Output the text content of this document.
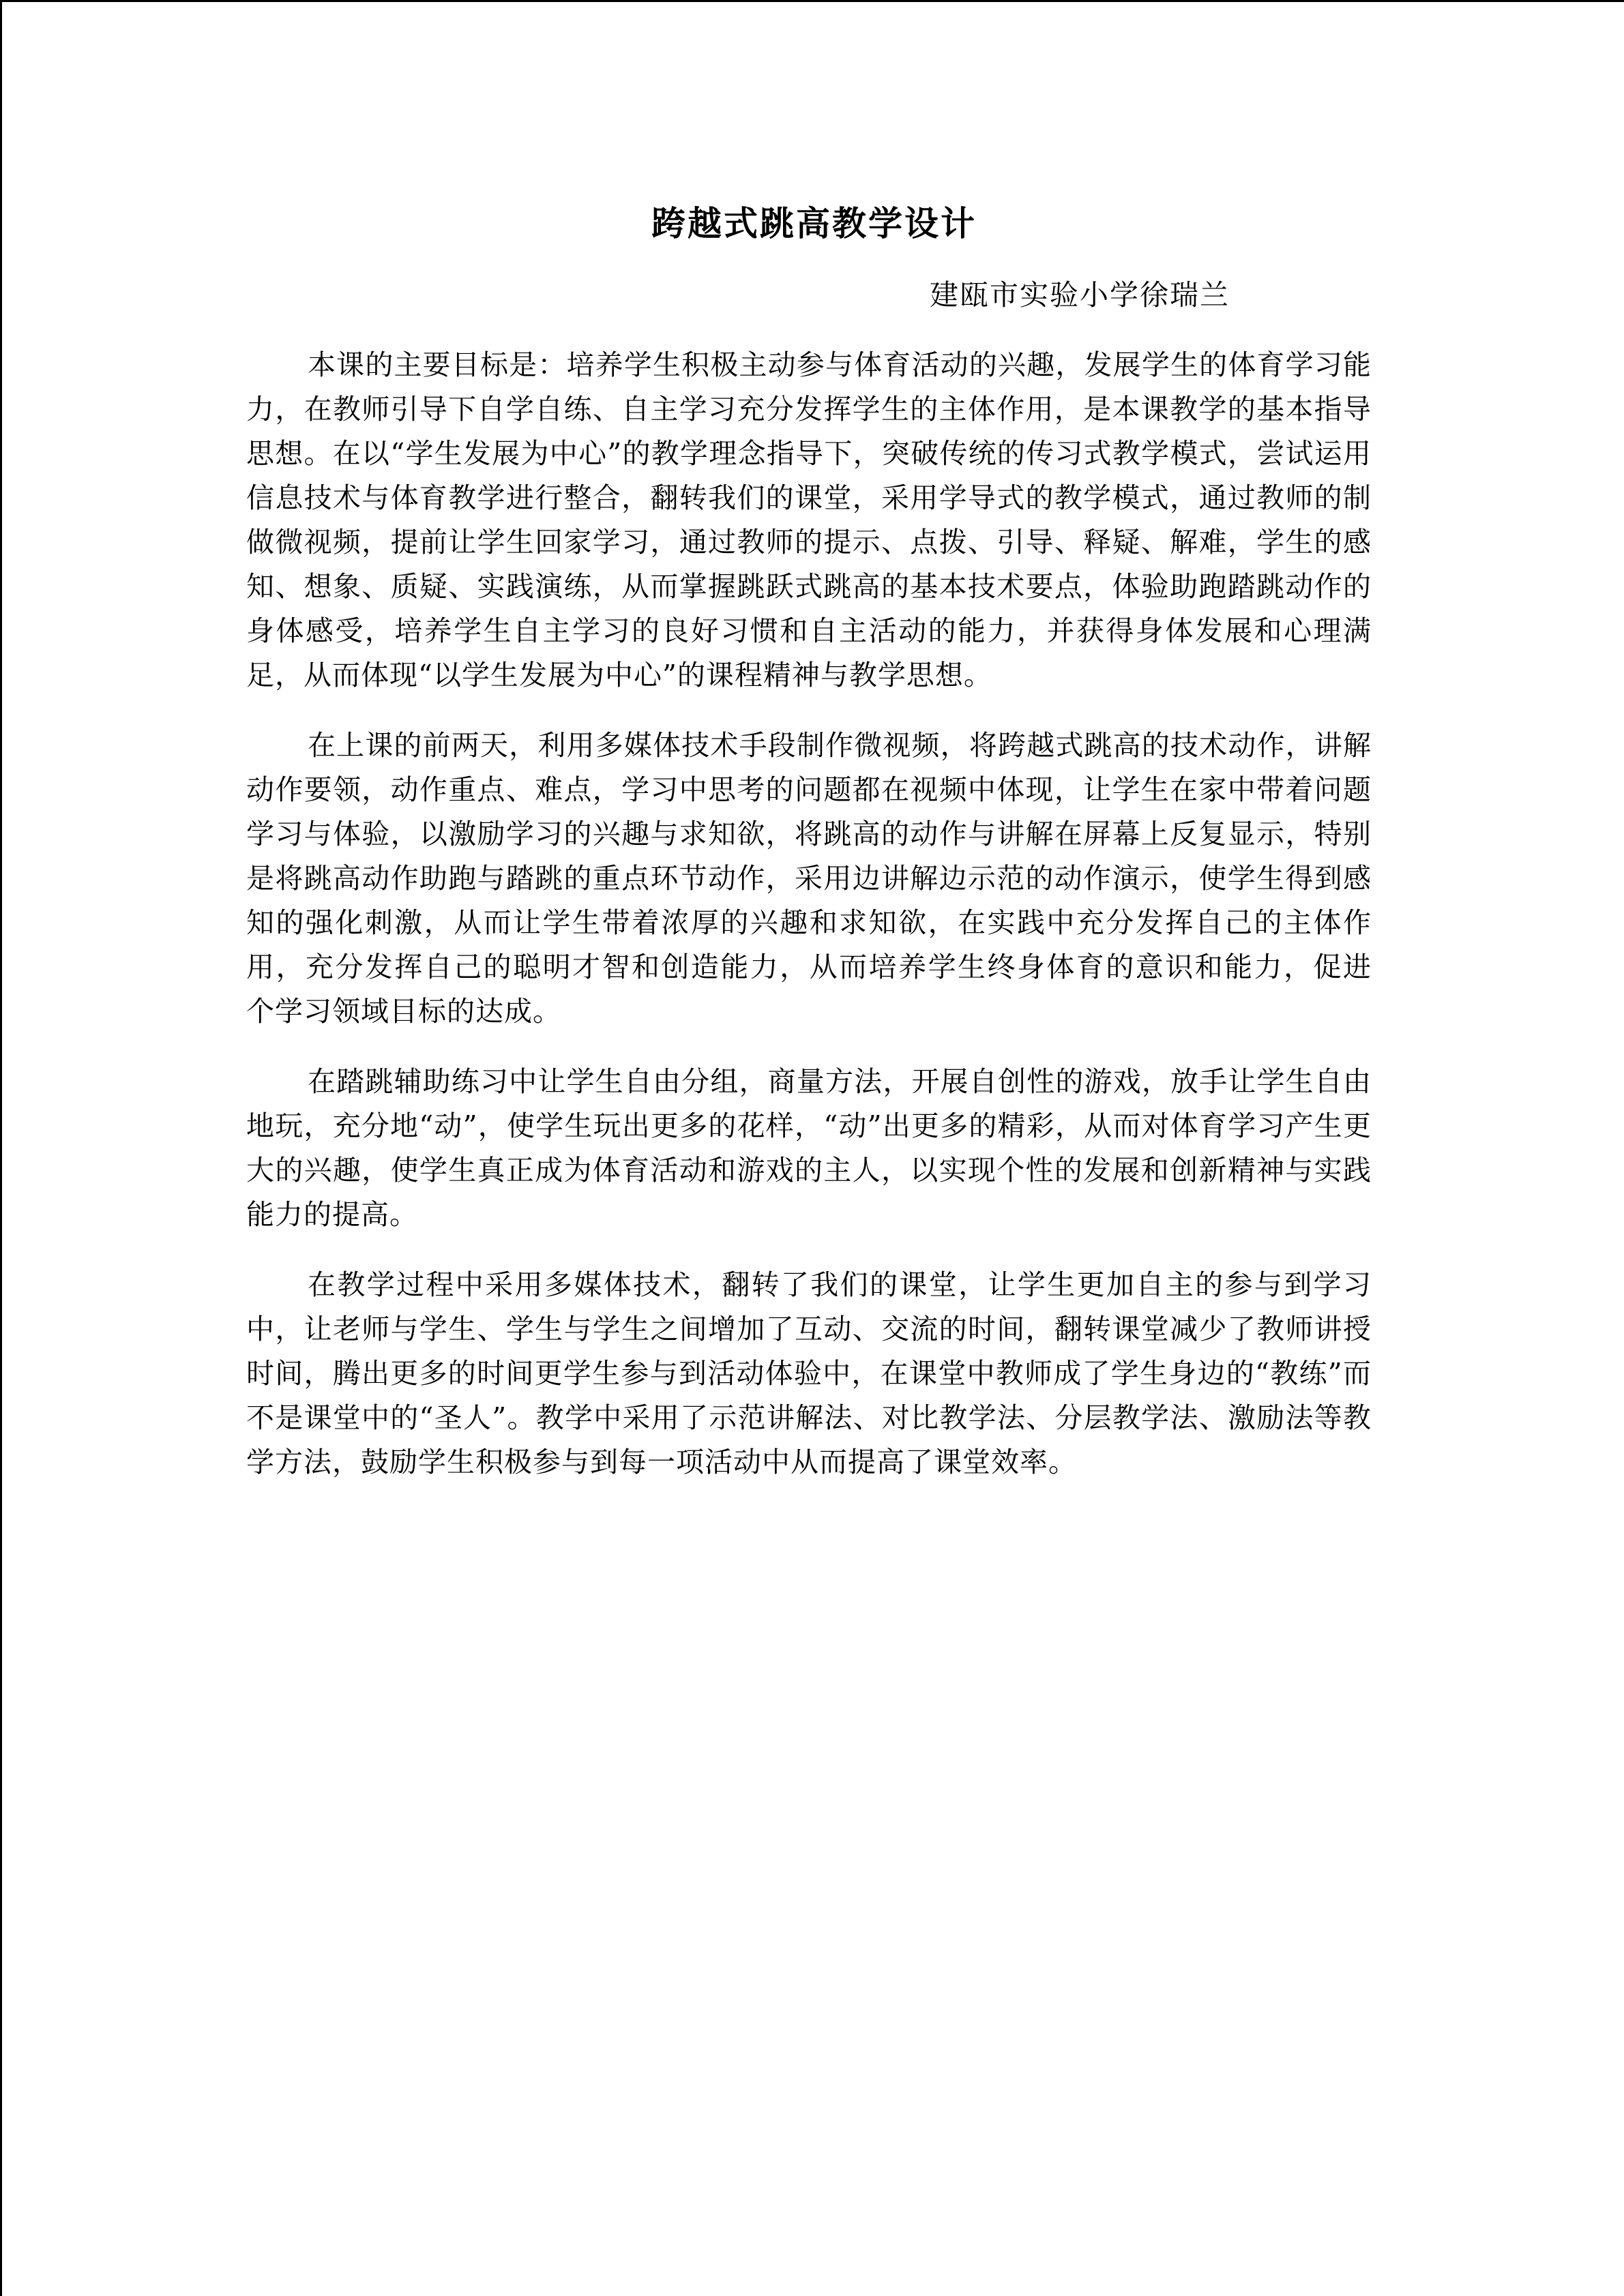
跨越式跳高教学设计
建瓯市实验小学徐瑞兰

本课的主要目标是：培养学生积极主动参与体育活动的兴趣，发展学生的体育学习能力，在教师引导下自学自练、自主学习充分发挥学生的主体作用，是本课教学的基本指导思想。在以“学生发展为中心”的教学理念指导下，突破传统的传习式教学模式，尝试运用信息技术与体育教学进行整合，翻转我们的课堂，采用学导式的教学模式，通过教师的制做微视频，提前让学生回家学习，通过教师的提示、点拨、引导、释疑、解难，学生的感知、想象、质疑、实践演练，从而掌握跳跃式跳高的基本技术要点，体验助跑踏跳动作的身体感受，培养学生自主学习的良好习惯和自主活动的能力，并获得身体发展和心理满足，从而体现“以学生发展为中心”的课程精神与教学思想。

在上课的前两天，利用多媒体技术手段制作微视频，将跨越式跳高的技术动作，讲解动作要领，动作重点、难点，学习中思考的问题都在视频中体现，让学生在家中带着问题学习与体验，以激励学习的兴趣与求知欲，将跳高的动作与讲解在屏幕上反复显示，特别是将跳高动作助跑与踏跳的重点环节动作，采用边讲解边示范的动作演示，使学生得到感知的强化刺激，从而让学生带着浓厚的兴趣和求知欲，在实践中充分发挥自己的主体作用，充分发挥自己的聪明才智和创造能力，从而培养学生终身体育的意识和能力，促进 个学习领域目标的达成。

在踏跳辅助练习中让学生自由分组，商量方法，开展自创性的游戏，放手让学生自由地玩，充分地“动”，使学生玩出更多的花样，“动”出更多的精彩，从而对体育学习产生更大的兴趣，使学生真正成为体育活动和游戏的主人，以实现个性的发展和创新精神与实践能力的提高。

在教学过程中采用多媒体技术，翻转了我们的课堂，让学生更加自主的参与到学习中，让老师与学生、学生与学生之间增加了互动、交流的时间，翻转课堂减少了教师讲授时间，腾出更多的时间更学生参与到活动体验中，在课堂中教师成了学生身边的“教练”而不是课堂中的“圣人”。教学中采用了示范讲解法、对比教学法、分层教学法、激励法等教学方法，鼓励学生积极参与到每一项活动中从而提高了课堂效率。
